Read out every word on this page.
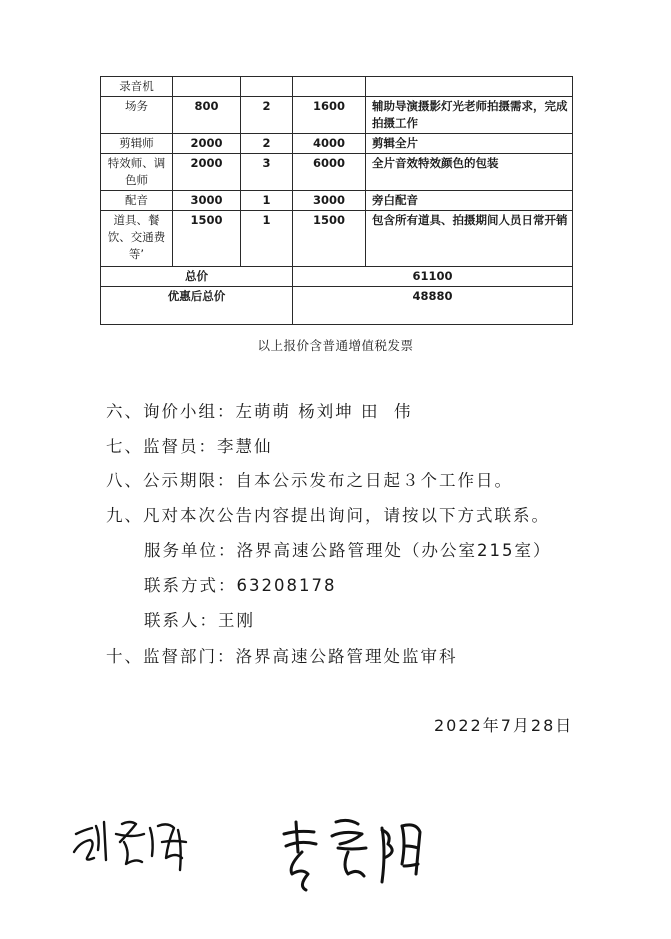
录音机				
场务	800	2	1600	辅助导演摄影灯光老师拍摄需求，完成拍摄工作
剪辑师	2000	2	4000	剪辑全片
特效师、调色师	2000	3	6000	全片音效特效颜色的包装
配音	3000	1	3000	旁白配音
道具、餐饮、交通费等’	1500	1	1500	包含所有道具、拍摄期间人员日常开销
总价			61100	
优惠后总价			48880	
以上报价含普通增值税发票
六、询价小组：左萌萌 杨刘坤 田  伟
七、监督员：李慧仙
八、公示期限：自本公示发布之日起３个工作日。
九、凡对本次公告内容提出询问，请按以下方式联系。
服务单位：洛界高速公路管理处（办公室215室）
联系方式：63208178
联系人：王刚
十、监督部门：洛界高速公路管理处监审科
2022年7月28日
